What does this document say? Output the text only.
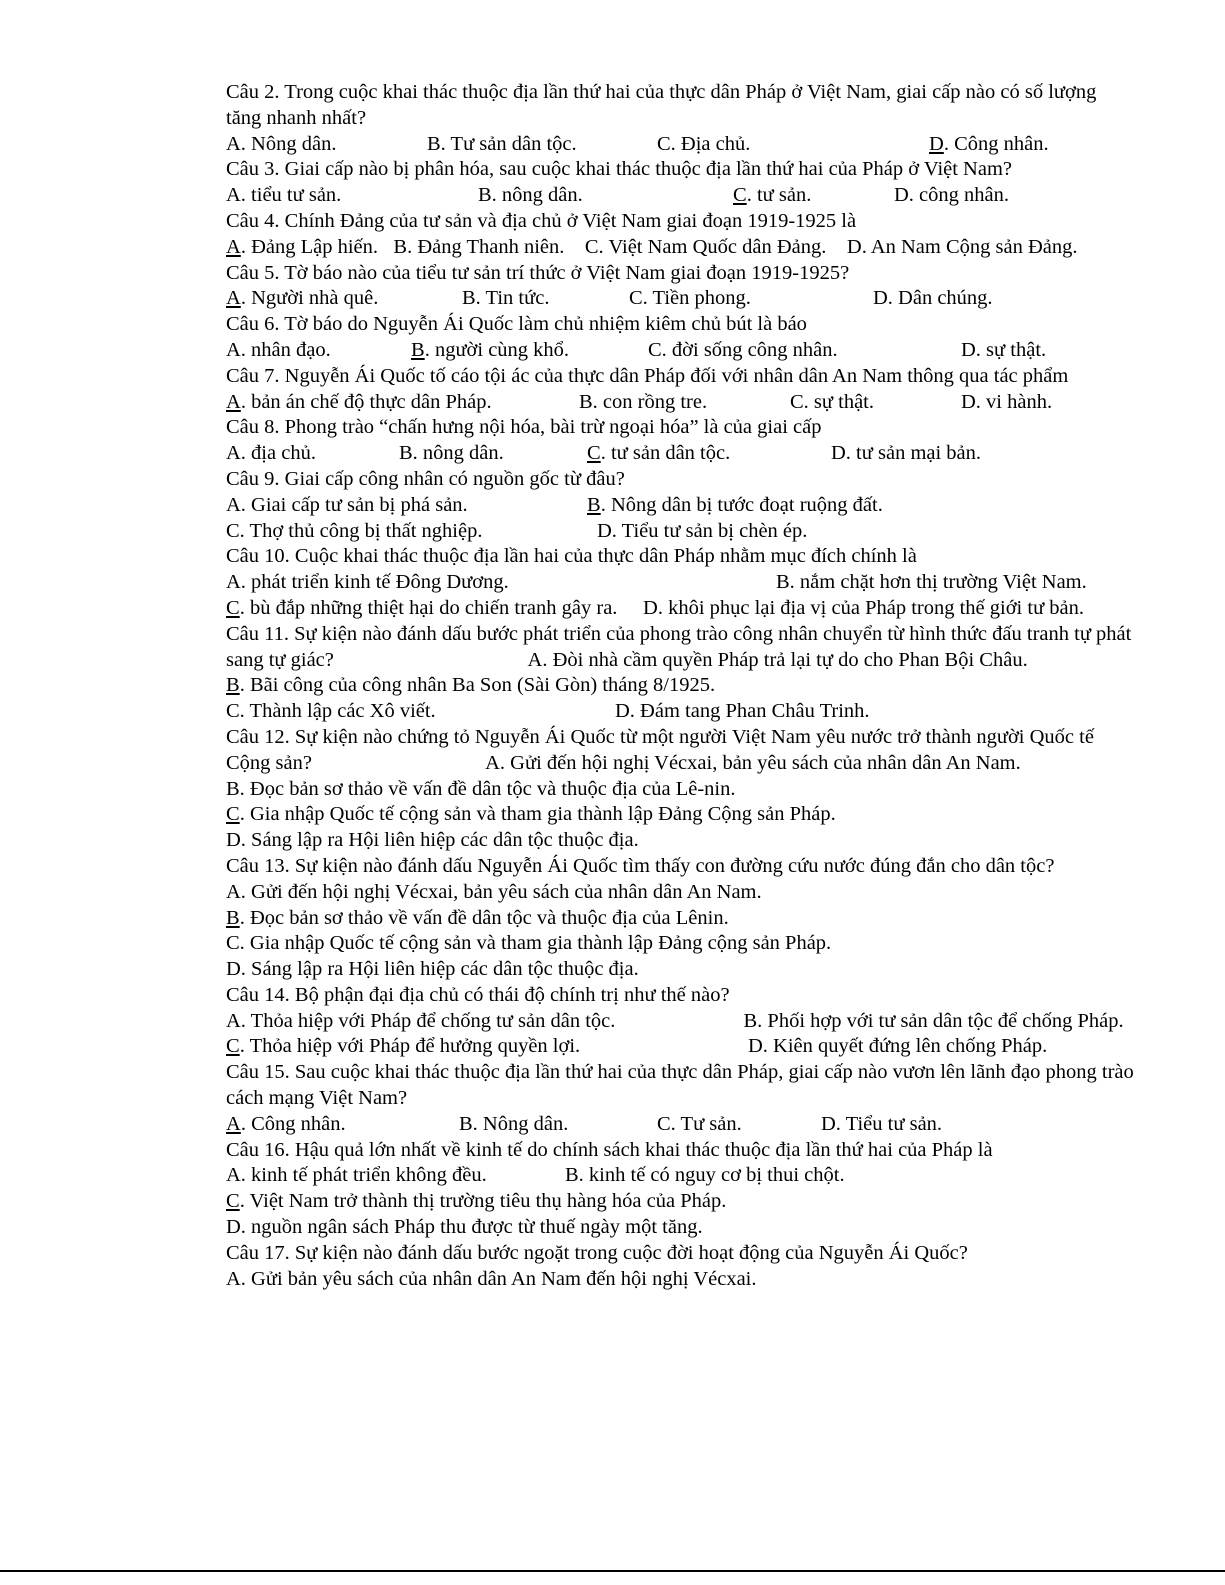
Câu 2. Trong cuộc khai thác thuộc địa lần thứ hai của thực dân Pháp ở Việt Nam, giai cấp nào có số lượng tăng nhanh nhất?
A. Nông dân.	B. Tư sản dân tộc.	C. Địa chủ.	D. Công nhân.
Câu 3. Giai cấp nào bị phân hóa, sau cuộc khai thác thuộc địa lần thứ hai của Pháp ở Việt Nam?
A. tiểu tư sản.	B. nông dân.	C. tư sản.	D. công nhân.
Câu 4. Chính Đảng của tư sản và địa chủ ở Việt Nam giai đoạn 1919-1925 là
A. Đảng Lập hiến.   B. Đảng Thanh niên.    C. Việt Nam Quốc dân Đảng.    D. An Nam Cộng sản Đảng.
Câu 5. Tờ báo nào của tiểu tư sản trí thức ở Việt Nam giai đoạn 1919-1925?
A. Người nhà quê.	B. Tin tức.	C. Tiền phong.	D. Dân chúng.
Câu 6. Tờ báo do Nguyễn Ái Quốc làm chủ nhiệm kiêm chủ bút là báo
A. nhân đạo.	B. người cùng khổ.	C. đời sống công nhân.	D. sự thật.
Câu 7. Nguyễn Ái Quốc tố cáo tội ác của thực dân Pháp đối với nhân dân An Nam thông qua tác phẩm
A. bản án chế độ thực dân Pháp.	B. con rồng tre.	C. sự thật.	D. vi hành.
Câu 8. Phong trào “chấn hưng nội hóa, bài trừ ngoại hóa” là của giai cấp
A. địa chủ.	B. nông dân.	C. tư sản dân tộc.	D. tư sản mại bản.
Câu 9. Giai cấp công nhân có nguồn gốc từ đâu?
A. Giai cấp tư sản bị phá sản.	B. Nông dân bị tước đoạt ruộng đất.
C. Thợ thủ công bị thất nghiệp.	D. Tiểu tư sản bị chèn ép.
Câu 10. Cuộc khai thác thuộc địa lần hai của thực dân Pháp nhằm mục đích chính là
A. phát triển kinh tế Đông Dương.	B. nắm chặt hơn thị trường Việt Nam.
C. bù đắp những thiệt hại do chiến tranh gây ra. D. khôi phục lại địa vị của Pháp trong thế giới tư bản.
Câu 11. Sự kiện nào đánh dấu bước phát triển của phong trào công nhân chuyển từ hình thức đấu tranh tự phát sang tự giác?	A. Đòi nhà cầm quyền Pháp trả lại tự do cho Phan Bội Châu.
B. Bãi công của công nhân Ba Son (Sài Gòn) tháng 8/1925.
C. Thành lập các Xô viết.	D. Đám tang Phan Châu Trinh.
Câu 12. Sự kiện nào chứng tỏ Nguyễn Ái Quốc từ một người Việt Nam yêu nước trở thành người Quốc tế Cộng sản?	A. Gửi đến hội nghị Vécxai, bản yêu sách của nhân dân An Nam.
B. Đọc bản sơ thảo về vấn đề dân tộc và thuộc địa của Lê-nin.
C. Gia nhập Quốc tế cộng sản và tham gia thành lập Đảng Cộng sản Pháp.
D. Sáng lập ra Hội liên hiệp các dân tộc thuộc địa.
Câu 13. Sự kiện nào đánh dấu Nguyễn Ái Quốc tìm thấy con đường cứu nước đúng đắn cho dân tộc?
A. Gửi đến hội nghị Vécxai, bản yêu sách của nhân dân An Nam.
B. Đọc bản sơ thảo về vấn đề dân tộc và thuộc địa của Lênin.
C. Gia nhập Quốc tế cộng sản và tham gia thành lập Đảng cộng sản Pháp.
D. Sáng lập ra Hội liên hiệp các dân tộc thuộc địa.
Câu 14. Bộ phận đại địa chủ có thái độ chính trị như thế nào?
A. Thỏa hiệp với Pháp để chống tư sản dân tộc.	B. Phối hợp với tư sản dân tộc để chống Pháp.
C. Thỏa hiệp với Pháp để hưởng quyền lợi.	D. Kiên quyết đứng lên chống Pháp.
Câu 15. Sau cuộc khai thác thuộc địa lần thứ hai của thực dân Pháp, giai cấp nào vươn lên lãnh đạo phong trào cách mạng Việt Nam?
A. Công nhân.	B. Nông dân.	C. Tư sản.	D. Tiểu tư sản.
Câu 16. Hậu quả lớn nhất về kinh tế do chính sách khai thác thuộc địa lần thứ hai của Pháp là
A. kinh tế phát triển không đều.	B. kinh tế có nguy cơ bị thui chột.
C. Việt Nam trở thành thị trường tiêu thụ hàng hóa của Pháp.
D. nguồn ngân sách Pháp thu được từ thuế ngày một tăng.
Câu 17. Sự kiện nào đánh dấu bước ngoặt trong cuộc đời hoạt động của Nguyễn Ái Quốc?
A. Gửi bản yêu sách của nhân dân An Nam đến hội nghị Vécxai.
